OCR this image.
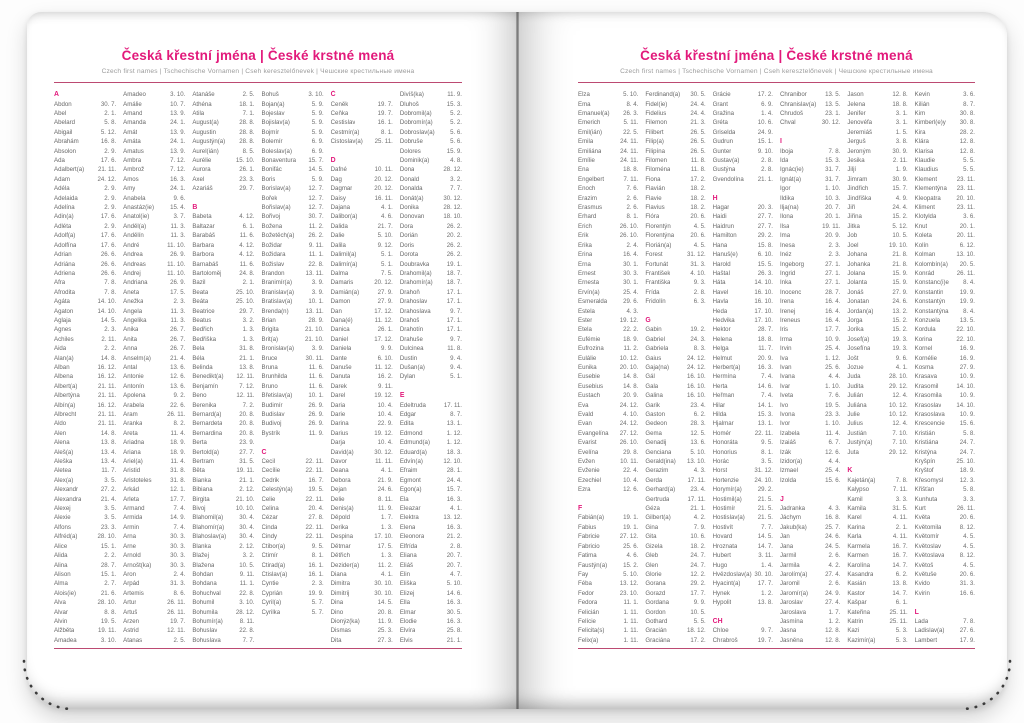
Česká křestní jména | České krstné mená
Czech first names | Tschechische Vornamen | Cseh keresztelőnevek | Чешские крестильные имена
A
Abdon	30. 7.
Ábel	2. 1.
Abelard	5. 8.
Abigail	5. 12.
Abrahám	16. 8.
Absolon	2. 9.
Ada	17. 6.
Adalbert(a) 21. 11.
Adam	24. 12.
Adéla	2. 9.
Adelaida	2. 9.
Adelína	2. 9.
Adin(a)	17. 6.
Adléta	2. 9.
Adolf(a)	17. 6.
Adolfína	17. 6.
Adrian	26. 6.
Adriána	26. 6.
Adriena	26. 6.
Afra	7. 8.
Afrodita	7. 8.
Agáta	14. 10.
Agaton	14. 10.
Aglaja	14. 5.
Agnes	2. 3.
Achiles	2. 11.
Aida	2. 2.
Alan(a)	14. 8.
Alban	16. 12.
Albena	16. 12.
Albert(a)	21. 11.
Albertýna	21. 11.
Albín(a)	16. 12.
Albrecht	21. 11.
Aldo	21. 11.
Alen	14. 8.
Alena	13. 8.
Aleš(a)	13. 4.
Aleška	13. 4.
Aletea	11. 7.
Alex(a)	3. 5.
Alexandr	27. 2.
Alexandra	21. 4.
Alexej	3. 5.
Alexie	3. 5.
Alfons	23. 3.
Alfréd(a)	28. 10.
Alice	15. 1.
Alida	2. 2.
Alina	28. 7.
Alison	15. 1.
Alma	2. 7.
Alois(ie)	21. 6.
Alva	28. 10.
Alvar	8. 8.
Alvin	19. 5.
Alžběta	19. 11.
Amadea	3. 10.
Amadeo	3. 10.
Amálie	10. 7.
Amand	13. 9.
Amanda	24. 1.
Amát	13. 9.
Amáta	24. 1.
Amatus	13. 9.
Ambra	7. 12.
Ambrož	7. 12.
Ámos	16. 3.
Amy	24. 1.
Anabela	9. 6.
Anastáz(ie)	15. 4.
Anatol(ie)	3. 7.
Anděl(a)	11. 3.
Andělín	11. 3.
André	11. 10.
Andrea	26. 9.
Andreas	11. 10.
Andrej	11. 10.
Andriana	26. 9.
Aneta	17. 5.
Anežka	2. 3.
Angela	11. 3.
Angelika	11. 3.
Anika	26. 7.
Anita	26. 7.
Anna	26. 7.
Anselm(a)	21. 4.
Antal	13. 6.
Antonie	12. 6.
Antonín	13. 6.
Apolena	9. 2.
Arabela	22. 6.
Aram	26. 11.
Aranka	8. 2.
Areta	11. 4.
Ariadna	18. 9.
Ariana	18. 9.
Ariel(a)	11. 4.
Aristid	31. 8.
Aristoteles	31. 8.
Arkád	12. 1.
Arleta	17. 7.
Armand	7. 4.
Armida	14. 9.
Armin	7. 4.
Arna	30. 3.
Arne	30. 3.
Arnold	30. 3.
Arnošt(ka)	30. 3.
Áron	2. 4.
Arpád	31. 3.
Artemis	8. 6.
Artur	26. 11.
Artuš	26. 11.
Arzen	19. 7.
Astrid	12. 11.
Atanas	2. 5.
Atanáše	2. 5.
Athéna	18. 1.
Atila	7. 1.
August(a)	28. 8.
Augustin	28. 8.
Augustýn(a) 28. 8.
Aurel(ián)	8. 5.
Aurélie	15. 10.
Aurora	26. 1.
Axel	23. 3.
Azariáš	29. 7.
B
Babeta	4. 12.
Baltazar	6. 1.
Barabáš	11. 6.
Barbara	4. 12.
Barbora	4. 12.
Barnabáš	11. 6.
Bartoloměj	24. 8.
Bazil	2. 1.
Beata	25. 10.
Beáta	25. 10.
Beatrice	29. 7.
Beatus	3. 2.
Bedřich	1. 3.
Bedřiška	1. 3.
Bela	31. 8.
Béla	21. 1.
Belinda	13. 8.
Benedikt(a) 12. 11.
Benjamín	7. 12.
Beno	12. 11.
Berenika	7. 2.
Bernard(a)	20. 8.
Bernardeta	20. 8.
Bernardina	20. 8.
Berta	23. 9.
Bertold(a)	27. 7.
Bertram	31. 5.
Běta	19. 11.
Bianka	21. 1.
Bibiana	2. 12.
Birgita	21. 10.
Bivoj	10. 10.
Blahomil(a)	30. 4.
Blahomír(a) 30. 4.
Blahoslav(a) 30. 4.
Blanka	2. 12.
Blažej	3. 2.
Blažena	10. 5.
Bohdan	9. 11.
Bohdana	11. 1.
Bohuchval	22. 8.
Bohumil	3. 10.
Bohumila	28. 12.
Bohumír(a)	8. 11.
Bohuslav	22. 8.
Bohuslava	7. 7.
Bohuš	3. 10.
Bojan(a)	5. 9.
Bojeslav	5. 9.
Bojislav(a)	5. 9.
Bojmír	5. 9.
Bolemír	6. 9.
Boleslav(a)	6. 9.
Bonaventura 15. 7.
Bonifác	14. 5.
Boris	5. 9.
Borislav(a)	12. 7.
Bořek	12. 7.
Bořislav(a)	12. 7.
Bořivoj	30. 7.
Božena	11. 2.
Božetěch(a) 26. 2.
Božidar	9. 11.
Božidara	11. 1.
Božislav	22. 8.
Brandon	13. 11.
Branimír(a)	3. 9.
Branislav(a)	3. 9.
Bratislav(a)	10. 1.
Brenda(n)	13. 11.
Brian	28. 9.
Brigita	21. 10.
Brit(a)	21. 10.
Bronislav(a)	3. 9.
Bruce	30. 11.
Bruna	11. 6.
Brunhilda	11. 6.
Bruno	11. 6.
Břetislav(a)	10. 1.
Budimír	26. 9.
Budislav	26. 9.
Budivoj	26. 9.
Bystrík	11. 9.
C
Cecil	22. 11.
Cecílie	22. 11.
Cedrik	16. 7.
Celestýn(a)	19. 5.
Celie	22. 11.
Celina	20. 4.
Cézar	27. 8.
Cinda	22. 11.
Cindy	22. 11.
Ctibor(a)	9. 5.
Ctimír	8. 1.
Ctirad(a)	16. 1.
Ctislav(a)	16. 1.
Cyntie	2. 3.
Cyprián	19. 9.
Cyril(a)	5. 7.
Cyrilka	5. 7.
Č
Čeněk	19. 7.
Čeňka	19. 7.
Čestislav	16. 1.
Čestmír(a)	8. 1.
Čistoslav(a) 25. 11.
D
Dafné	10. 11.
Dag	20. 12.
Dagmar	20. 12.
Daisy	16. 11.
Dajana	4. 1.
Dalibor(a)	4. 6.
Dalida	21. 7.
Dalie	5. 10.
Dalila	9. 12.
Dalimil(a)	5. 1.
Dalimír(a)	5. 1.
Dalma	7. 5.
Damaris	20. 12.
Damián(a)	27. 9.
Damon	27. 9.
Dan	17. 12.
Dana(é)	11. 12.
Danica	26. 1.
Daniel	17. 12.
Daniela	9. 9.
Dante	6. 10.
Danuše	11. 12.
Danuta	16. 2.
Darek	9. 11.
Darel	19. 12.
Daria	10. 4.
Darie	10. 4.
Darina	22. 9.
Darius	19. 12.
Darja	10. 4.
David(a)	30. 12.
Davor	11. 11.
Deana	4. 1.
Debora	21. 9.
Dejan	24. 6.
Delie	8. 11.
Denis(a)	11. 9.
Děpold	1. 7.
Derika	1. 3.
Despina	17. 10.
Dětmar	17. 5.
Dětřich	1. 3.
Dezider(a)	11. 2.
Diana	4. 1.
Dimitra	30. 10.
Dimitrij	30. 10.
Dina	14. 5.
Dino	20. 8.
Dionýz(ka)	11. 9.
Dismas	25. 3.
Dita	27. 3.
Divíš(ka)	11. 9.
Dluhoš	15. 3.
Dobromil(a)	5. 2.
Dobromír(a)	5. 2.
Dobroslav(a)	5. 6.
Dobruše	5. 6.
Dolores	15. 9.
Dominik(a)	4. 8.
Dona	28. 12.
Donald	3. 2.
Donalda	7. 7.
Donát(a)	30. 12.
Donika	28. 12.
Donovan	18. 10.
Dora	26. 2.
Dorián	20. 2.
Doris	26. 2.
Dorota	26. 2.
Doubravka	19. 1.
Drahomil(a) 18. 7.
Drahomír(a) 18. 7.
Drahoň	17. 1.
Drahoslav	17. 1.
Drahoslava	9. 7.
Drahoš	17. 1.
Drahotín	17. 1.
Drahuše	9. 7.
Dulcinea	11. 8.
Dustin	9. 4.
Dušan(a)	9. 4.
Dylan	5. 1.
E
Edeltruda	17. 11.
Edgar	8. 7.
Edita	13. 1.
Edmond	1. 12.
Edmund(a)	1. 12.
Eduard(a)	18. 3.
Edvín(a)	12. 10.
Efraim	28. 1.
Egmont	24. 4.
Egon(a)	15. 7.
Ela	16. 3.
Eleazar	4. 1.
Elektra	13. 12.
Elena	16. 3.
Eleonora	21. 2.
Elfrída	2. 8.
Eliana	20. 7.
Eliáš	20. 7.
Elin	4. 7.
Eliška	5. 10.
Elizej	14. 6.
Ella	16. 3.
Elmar	30. 5.
Elodie	16. 3.
Elvíra	25. 8.
Elvis	21. 1.
Česká křestní jména | České krstné mená
Czech first names | Tschechische Vornamen | Cseh keresztelőnevek | Чешские крестильные имена
Elza	5. 10.
Ema	8. 4.
Emanuel(a) 26. 3.
Emerich	5. 11.
Emil(ián)	22. 5.
Emila	24. 11.
Emiliána	24. 11.
Emílie	24. 11.
Ena	18. 8.
Engelbert	7. 11.
Enoch	7. 6.
Erazim	2. 6.
Erasmus	2. 6.
Erhard	8. 1.
Erich	26. 10.
Erik	26. 10.
Erika	2. 4.
Erina	16. 4.
Erna	30. 1.
Ernest	30. 3.
Ernesta	30. 1.
Ervín(a)	25. 4.
Esmeralda	29. 6.
Estela	4. 3.
Ester	19. 12.
Etela	22. 2.
Eufémie	18. 9.
Eufrozina	11. 2.
Eulálie	10. 12.
Eunika	20. 10.
Eusebie	14. 8.
Eusebius	14. 8.
Eustach	20. 9.
Eva	24. 12.
Evald	4. 10.
Evan	24. 12.
Evangelína 27. 12.
Evarist	26. 10.
Evelína	29. 8.
Evžen	10. 11.
Evženie	22. 4.
Ezechiel	10. 4.
Ezra	12. 6.
F
Fabián(a)	19. 1.
Fabius	19. 1.
Fabricie	27. 12.
Fabricio	25. 6.
Fatima	4. 6.
Faustýn(a)	15. 2.
Fay	5. 10.
Féba	13. 12.
Fedor	23. 10.
Fedora	11. 1.
Felicián	1. 11.
Felície	1. 11.
Felicita(s)	1. 11.
Felix(a)	1. 11.
Ferdinand(a) 30. 5.
Fidel(ie)	24. 4.
Fidelius	24. 4.
Filemon	21. 3.
Filibert	26. 5.
Filip(a)	26. 5.
Filipína	26. 5.
Filomen	11. 8.
Filoména	11. 8.
Fiona	17. 2.
Flavián	18. 2.
Flavie	18. 2.
Flavius	18. 2.
Flóra	20. 6.
Florentýn	4. 5.
Florentýna	20. 6.
Florián(a)	4. 5.
Forest	31. 12.
Fortunát	31. 3.
František	4. 10.
Františka	9. 3.
Frída	2. 8.
Fridolín	6. 3.
G
Gabin	19. 2.
Gabriel	24. 3.
Gabriela	8. 3.
Gaius	24. 12.
Gaja(na)	24. 12.
Gál	16. 10.
Gala	16. 10.
Galina	16. 10.
Garik	23. 4.
Gaston	6. 2.
Gedeon	28. 3.
Gema	12. 5.
Genadij	13. 6.
Genciana	5. 10.
Gerald(ina) 13. 10.
Gerazim	4. 3.
Gerda	17. 11.
Gerhard(a)	23. 4.
Gertruda	17. 11.
Géza	21. 1.
Gilbert(a)	4. 2.
Gina	7. 9.
Gita	10. 6.
Gizela	18. 2.
Gleb	24. 7.
Glen	24. 7.
Glorie	12. 2.
Gorana	29. 2.
Gorazd	17. 7.
Gordana	9. 9.
Gordon	10. 5.
Gothard	5. 5.
Gracián	18. 12.
Graciána	17. 2.
Grácie	17. 2.
Grant	6. 9.
Gražina	1. 4.
Gréta	10. 6.
Griselda	24. 9.
Gudrun	15. 1.
Gunter	9. 10.
Gustav(a)	2. 8.
Gustýna	2. 8.
Gvendolína 21. 1.
H
Hagar	20. 3.
Haidi	27. 7.
Haidrun	27. 7.
Hamilton	29. 2.
Hana	15. 8.
Hanuš(e)	6. 10.
Harold	15. 5.
Haštal	26. 3.
Háta	14. 10.
Havel	16. 10.
Havla	16. 10.
Heda	17. 10.
Hedvika	17. 10.
Hektor	28. 7.
Helena	18. 8.
Helga	11. 7.
Helmut	20. 9.
Herbert(a)	16. 3.
Hermína	7. 4.
Herta	14. 6.
Heřman	7. 4.
Hilar	14. 1.
Hilda	15. 3.
Hjalmar	13. 1.
Homér	22. 11.
Honoráta	9. 5.
Honorius	8. 1.
Horác	3. 5.
Horst	31. 12.
Hortenzie	24. 10.
Horymír(a)	29. 2.
Hostimil(a)	21. 5.
Hostimír	21. 5.
Hostislav(a) 21. 5.
Hostivít	7. 7.
Hovard	14. 5.
Hroznata	14. 7.
Hubert	3. 11.
Hugo	1. 4.
Hvězdoslav(a) 30. 10.
Hyacint(a)	17. 7.
Hynek	1. 2.
Hypolit	13. 8.
CH
Chloe	9. 7.
Chrabroš	19. 7.
Chranibor	13. 5.
Chranislav(a) 13. 5.
Chrudoš	23. 1.
Chval	30. 12.
I
Iboja	7. 8.
Ida	15. 3.
Ignác(ie)	31. 7.
Ignát(a)	31. 7.
Igor	1. 10.
Ildika	10. 3.
Ilja(na)	20. 7.
Ilona	20. 1.
Ilsa	19. 11.
Ima	20. 9.
Inesa	2. 3.
Inéz	2. 3.
Ingeborg	27. 1.
Ingrid	27. 1.
Inka	27. 1.
Inocenc	28. 7.
Irena	16. 4.
Irenej	16. 4.
Ireneus	16. 4.
Iris	17. 7.
Irma	10. 9.
Irvin	25. 4.
Iva	1. 12.
Ivan	25. 6.
Ivana	4. 4.
Ivar	1. 10.
Iveta	7. 6.
Ivo	19. 5.
Ivona	23. 3.
Ivor	1. 10.
Izabela	11. 4.
Izaiáš	6. 7.
Izák	12. 6.
Izidor(a)	4. 4.
Izmael	25. 4.
Izolda	15. 6.
J
Jadranka	4. 3.
Jáchym	16. 8.
Jakub(ka)	25. 7.
Jan	24. 6.
Jana	24. 5.
Jarmil	2. 6.
Jarmila	4. 2.
Jarolím(a)	27. 4.
Jaromil	2. 6.
Jaromír(a)	24. 9.
Jaroslav	27. 4.
Jaroslava	1. 7.
Jasmína	1. 2.
Jasna	12. 8.
Jasněna	12. 8.
Jason	12. 8.
Jelena	18. 8.
Jenifer	3. 1.
Jenovéfa	3. 1.
Jeremiáš	1. 5.
Jerguš	3. 8.
Jeroným	30. 9.
Jesika	2. 11.
Jiljí	1. 9.
Jimram	30. 9.
Jindřich	15. 7.
Jindřiška	4. 9.
Jiří	24. 4.
Jiřina	15. 2.
Jitka	5. 12.
Job	10. 5.
Joel	19. 10.
Johana	21. 8.
Johanka	21. 8.
Jolana	15. 9.
Jolanta	15. 9.
Jonáš	27. 9.
Jonatan	24. 6.
Jordan(a)	13. 2.
Jorga	15. 2.
Jorika	15. 2.
Josef(a)	19. 3.
Josefína	19. 3.
Jošt	9. 6.
Jozue	4. 1.
Juda	28. 10.
Judita	29. 12.
Julián	12. 4.
Juliána	10. 12.
Julie	10. 12.
Julius	12. 4.
Justián	7. 10.
Justýn(a)	7. 10.
Juta	29. 12.
K
Kajetán(a)	7. 8.
Kalypso	7. 11.
Kamil	3. 3.
Kamila	31. 5.
Karel	4. 11.
Karina	2. 1.
Karla	4. 11.
Karmela	16. 7.
Karmen	16. 7.
Karolína	14. 7.
Kasandra	6. 2.
Kasián	13. 8.
Kastor	14. 7.
Kašpar	6. 1.
Kateřina	25. 11.
Katrin	25. 11.
Kazi	5. 3.
Kazimír(a)	5. 3.
Kevin	3. 6.
Kilián	8. 7.
Kim	30. 8.
Kimberl(e)y 30. 8.
Kira	28. 2.
Klára	12. 8.
Klarisa	12. 8.
Klaudie	5. 5.
Klaudius	5. 5.
Klement	23. 11.
Klementýna 23. 11.
Kleopatra	20. 10.
Kliment	23. 11.
Klotylda	3. 6.
Knut	20. 1.
Koleta	20. 11.
Kolín	6. 12.
Kolman	13. 10.
Kolombín(a) 20. 5.
Konrád	26. 11.
Konstanc(i)e 8. 4.
Konstantin	19. 9.
Konstantýn 19. 9.
Konstantýna 8. 4.
Konzuela	13. 5.
Kordula	22. 10.
Korina	22. 10.
Kornel	16. 9.
Kornélie	16. 9.
Kosma	27. 9.
Krasava	10. 9.
Krasomil	14. 10.
Krasomila	10. 9.
Krasoslav 14. 10.
Krasoslava 10. 9.
Krescencie 15. 6.
Kristián	5. 8.
Kristiána	24. 7.
Kristýna	24. 7.
Kryšpín	25. 10.
Kryštof	18. 9.
Křesomysl	12. 3.
Křišťan	5. 8.
Kunhuta	3. 3.
Kurt	26. 11.
Květa	20. 6.
Květomila	8. 12.
Květomír	4. 5.
Květoslav	4. 5.
Květoslava	8. 12.
Květoš	4. 5.
Květuše	20. 6.
Kvido	31. 3.
Kvirin	16. 6.
L
Lada	7. 8.
Ladislav(a)	27. 6.
Lambert	17. 9.
